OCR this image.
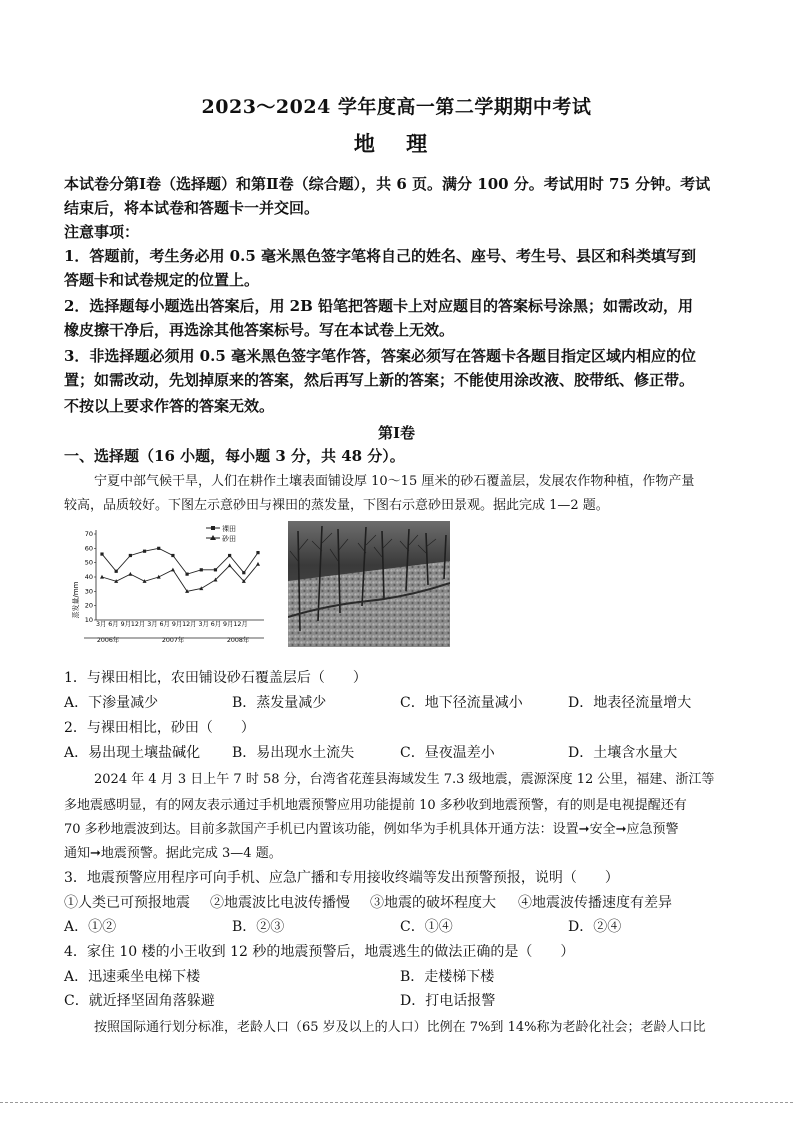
2023～2024 学年度高一第二学期期中考试
地 理
本试卷分第Ⅰ卷（选择题）和第Ⅱ卷（综合题），共 6 页。满分 100 分。考试用时 75 分钟。考试
结束后，将本试卷和答题卡一并交回。
注意事项：
1．答题前，考生务必用 0.5 毫米黑色签字笔将自己的姓名、座号、考生号、县区和科类填写到
答题卡和试卷规定的位置上。
2．选择题每小题选出答案后，用 2B 铅笔把答题卡上对应题目的答案标号涂黑；如需改动，用
橡皮擦干净后，再选涂其他答案标号。写在本试卷上无效。
3．非选择题必须用 0.5 毫米黑色签字笔作答，答案必须写在答题卡各题目指定区域内相应的位
置；如需改动，先划掉原来的答案，然后再写上新的答案；不能使用涂改液、胶带纸、修正带。
不按以上要求作答的答案无效。
第Ⅰ卷
一、选择题（16 小题，每小题 3 分，共 48 分）。
宁夏中部气候干旱，人们在耕作土壤表面铺设厚 10～15 厘米的砂石覆盖层，发展农作物种植，作物产量
较高，品质较好。下图左示意砂田与裸田的蒸发量，下图右示意砂田景观。据此完成 1—2 题。
10
20
30
40
50
60
70
蒸发量/mm
3月 6月 9月12月 3月 6月 9月12月 3月 6月 9月12月
2006年	2007年	2008年
裸田
砂田
1．与裸田相比，农田铺设砂石覆盖层后（　　）
A．下渗量减少	B．蒸发量减少	C．地下径流量减小	D．地表径流量增大
2．与裸田相比，砂田（　　）
A．易出现土壤盐碱化 B．易出现水土流失	C．昼夜温差小	D．土壤含水量大
2024 年 4 月 3 日上午 7 时 58 分，台湾省花莲县海域发生 7.3 级地震，震源深度 12 公里，福建、浙江等
多地震感明显，有的网友表示通过手机地震预警应用功能提前 10 多秒收到地震预警，有的则是电视提醒还有
70 多秒地震波到达。目前多款国产手机已内置该功能，例如华为手机具体开通方法：设置➞安全➞应急预警
通知➞地震预警。据此完成 3—4 题。
3．地震预警应用程序可向手机、应急广播和专用接收终端等发出预警预报，说明（　　）
①人类已可预报地震 ②地震波比电波传播慢 ③地震的破坏程度大 ④地震波传播速度有差异
A．①②	B．②③	C．①④	D．②④
4．家住 10 楼的小王收到 12 秒的地震预警后，地震逃生的做法正确的是（　　）
A．迅速乘坐电梯下楼	B．走楼梯下楼
C．就近择坚固角落躲避	D．打电话报警
按照国际通行划分标准，老龄人口（65 岁及以上的人口）比例在 7%到 14%称为老龄化社会；老龄人口比
